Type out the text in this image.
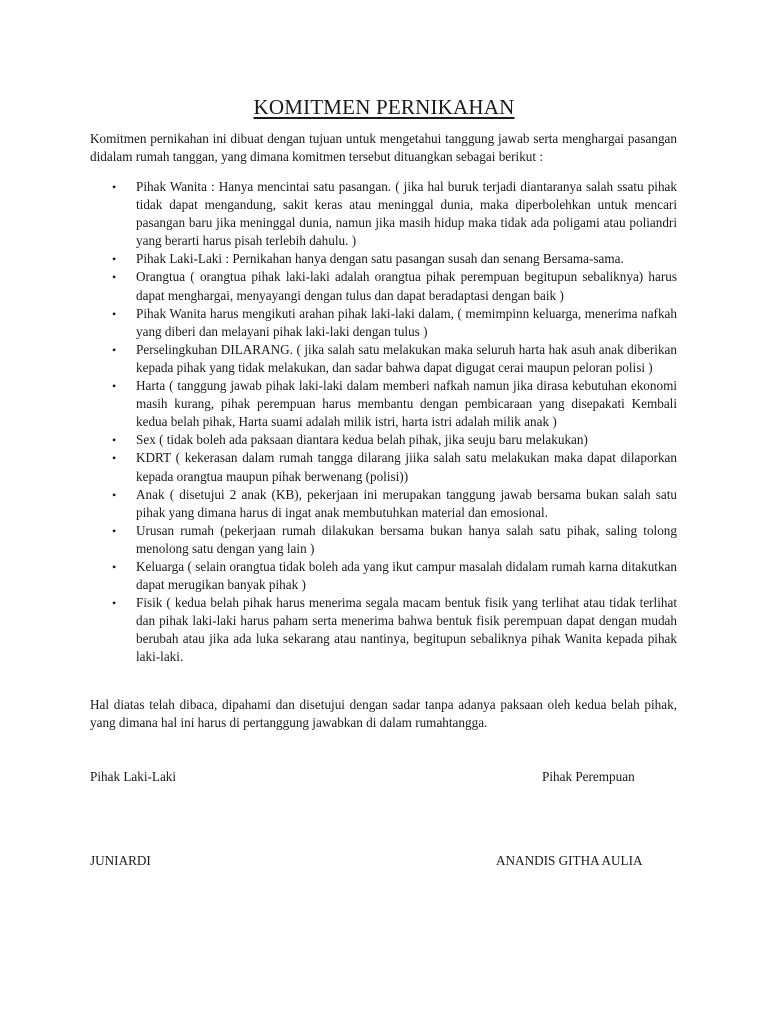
KOMITMEN PERNIKAHAN
Komitmen pernikahan ini dibuat dengan tujuan untuk mengetahui tanggung jawab serta menghargai pasangan didalam rumah tanggan, yang dimana komitmen tersebut dituangkan sebagai berikut :
• Pihak Wanita : Hanya mencintai satu pasangan. ( jika hal buruk terjadi diantaranya salah ssatu pihak tidak dapat mengandung, sakit keras atau meninggal dunia, maka diperbolehkan untuk mencari pasangan baru jika meninggal dunia, namun jika masih hidup maka tidak ada poligami atau poliandri yang berarti harus pisah terlebih dahulu. )
• Pihak Laki-Laki : Pernikahan hanya dengan satu pasangan susah dan senang Bersama-sama.
• Orangtua ( orangtua pihak laki-laki adalah orangtua pihak perempuan begitupun sebaliknya) harus dapat menghargai, menyayangi dengan tulus dan dapat beradaptasi dengan baik )
• Pihak Wanita harus mengikuti arahan pihak laki-laki dalam, ( memimpinn keluarga, menerima nafkah yang diberi dan melayani pihak laki-laki dengan tulus )
• Perselingkuhan DILARANG. ( jika salah satu melakukan maka seluruh harta hak asuh anak diberikan kepada pihak yang tidak melakukan, dan sadar bahwa dapat digugat cerai maupun peloran polisi )
• Harta ( tanggung jawab pihak laki-laki dalam memberi nafkah namun jika dirasa kebutuhan ekonomi masih kurang, pihak perempuan harus membantu dengan pembicaraan yang disepakati Kembali kedua belah pihak, Harta suami adalah milik istri, harta istri adalah milik anak )
• Sex ( tidak boleh ada paksaan diantara kedua belah pihak, jika seuju baru melakukan)
• KDRT ( kekerasan dalam rumah tangga dilarang jiika salah satu melakukan maka dapat dilaporkan kepada orangtua maupun pihak berwenang (polisi))
• Anak ( disetujui 2 anak (KB), pekerjaan ini merupakan tanggung jawab bersama bukan salah satu pihak yang dimana harus di ingat anak membutuhkan material dan emosional.
• Urusan rumah (pekerjaan rumah dilakukan bersama bukan hanya salah satu pihak, saling tolong menolong satu dengan yang lain )
• Keluarga ( selain orangtua tidak boleh ada yang ikut campur masalah didalam rumah karna ditakutkan dapat merugikan banyak pihak )
• Fisik ( kedua belah pihak harus menerima segala macam bentuk fisik yang terlihat atau tidak terlihat dan pihak laki-laki harus paham serta menerima bahwa bentuk fisik perempuan dapat dengan mudah berubah atau jika ada luka sekarang atau nantinya, begitupun sebaliknya pihak Wanita kepada pihak laki-laki.
Hal diatas telah dibaca, dipahami dan disetujui dengan sadar tanpa adanya paksaan oleh kedua belah pihak, yang dimana hal ini harus di pertanggung jawabkan di dalam rumahtangga.
Pihak Laki-Laki	Pihak Perempuan
JUNIARDI	ANANDIS GITHA AULIA
